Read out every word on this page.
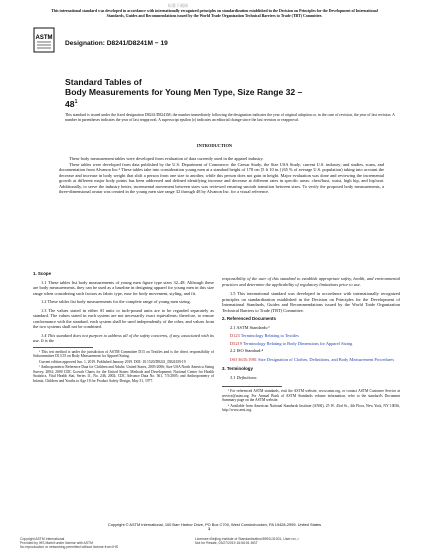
标准下载网
This international standard was developed in accordance with internationally recognized principles on standardization established in the Decision on Principles for the Development of International Standards, Guides and Recommendations issued by the World Trade Organization Technical Barriers to Trade (TBT) Committee.
ASTM
Designation: D8241/D8241M − 19
Standard Tables of
Body Measurements for Young Men Type, Size Range 32 –
$48^1$
This standard is issued under the fixed designation D8241/D8241M; the number immediately following the designation indicates the year of original adoption or, in the case of revision, the year of last revision. A number in parentheses indicates the year of last reapproval. A superscript epsilon (ε) indicates an editorial change since the last revision or reapproval.
INTRODUCTION

These body measurement tables were developed from evaluation of data currently used in the apparel industry.

These tables were developed from data published by the U.S. Department of Commerce; the Caesar Study; the Size USA Study; current U.S. industry; and studies, scans, and documentation from Alvanon Inc.² These tables take into consideration young men at a standard height of 178 cm [5 ft 10 in.] (65 % of average U.S. population) taking into account the decrease and increase in body weight that shift a person from one size to another, while this person does not gain in height. Major evaluation was done and reviewing the incremental growth at different major body points has been addressed and defined identifying increase and decrease at different rates in specific areas: chest/bust, waist, high hip, and hip/seat. Additionally, to serve the industry better, incremental movement between sizes was reviewed ensuring smooth transition between sizes. To verify the proposed body measurements, a three-dimensional avatar was created in the young men size range 32 through 48 by Alvanon Inc. for a visual reference.

1. Scope

1.1 These tables list body measurements of young men figure type sizes 32–48. Although these are body measurements, they can be used as a baseline in designing apparel for young men in this size range when considering such factors as fabric type, ease for body movement, styling, and fit.

1.2 These tables list body measurements for the complete range of young men sizing.

1.3 The values stated in either SI units or inch-pound units are to be regarded separately as standard. The values stated in each system are not necessarily exact equivalents; therefore, to ensure conformance with the standard, each system shall be used independently of the other, and values from the two systems shall not be combined.

1.4 This standard does not purport to address all of the safety concerns, if any, associated with its use. It is the

¹ This test method is under the jurisdiction of ASTM Committee D13 on Textiles and is the direct responsibility of Subcommittee D13.55 on Body Measurement for Apparel Sizing.

Current edition approved Jun. 1, 2019. Published January 2019. DOI: 10.1520/D8241_D8241M-19

² Anthropometric Reference Data for Children and Adults: United States, 2003-2006; Size USA North America Sizing Survey, 2004; 2000 CDC Growth Charts for the United States: Methods and Development; National Center for Health Statistics, Vital Health Stat, Series 11, No. 246, 2002; CDC Advance Data No. 361, 7/5/2005; and Anthropometry of Infants, Children and Youths to Age 18 for Product Safety Design, May 31, 1977.

responsibility of the user of this standard to establish appropriate safety, health, and environmental practices and determine the applicability of regulatory limitations prior to use.

1.5 This international standard was developed in accordance with internationally recognized principles on standardization established in the Decision on Principles for the Development of International Standards, Guides and Recommendations issued by the World Trade Organization Technical Barriers to Trade (TBT) Committee.

2. Referenced Documents

2.1 ASTM Standards:³

D123 Terminology Relating to Textiles
D5219 Terminology Relating to Body Dimensions for Apparel Sizing

2.2 ISO Standard:⁴

ISO 3635:1981 Size Designation of Clothes, Definitions, and Body Measurement Procedures
3. Terminology

3.1 Definitions:

³ For referenced ASTM standards, visit the ASTM website, www.astm.org, or contact ASTM Customer Service at service@astm.org. For Annual Book of ASTM Standards volume information, refer to the standard's Document Summary page on the ASTM website.

⁴ Available from American National Standards Institute (ANSI), 25 W. 43rd St., 4th Floor, New York, NY 10036, http://www.ansi.org.

Copyright © ASTM International, 100 Barr Harbor Drive, PO Box C700, West Conshohocken, PA 19428-2959. United States
1
Copyright ASTM International
Provided by IHS Markit under license with ASTM
No reproduction or networking permitted without license from IHS
Licensee=Beijing Institute of Standardization/5991131001, User=xx, r
Not for Resale, 03/27/2019 16:56:51 MST
